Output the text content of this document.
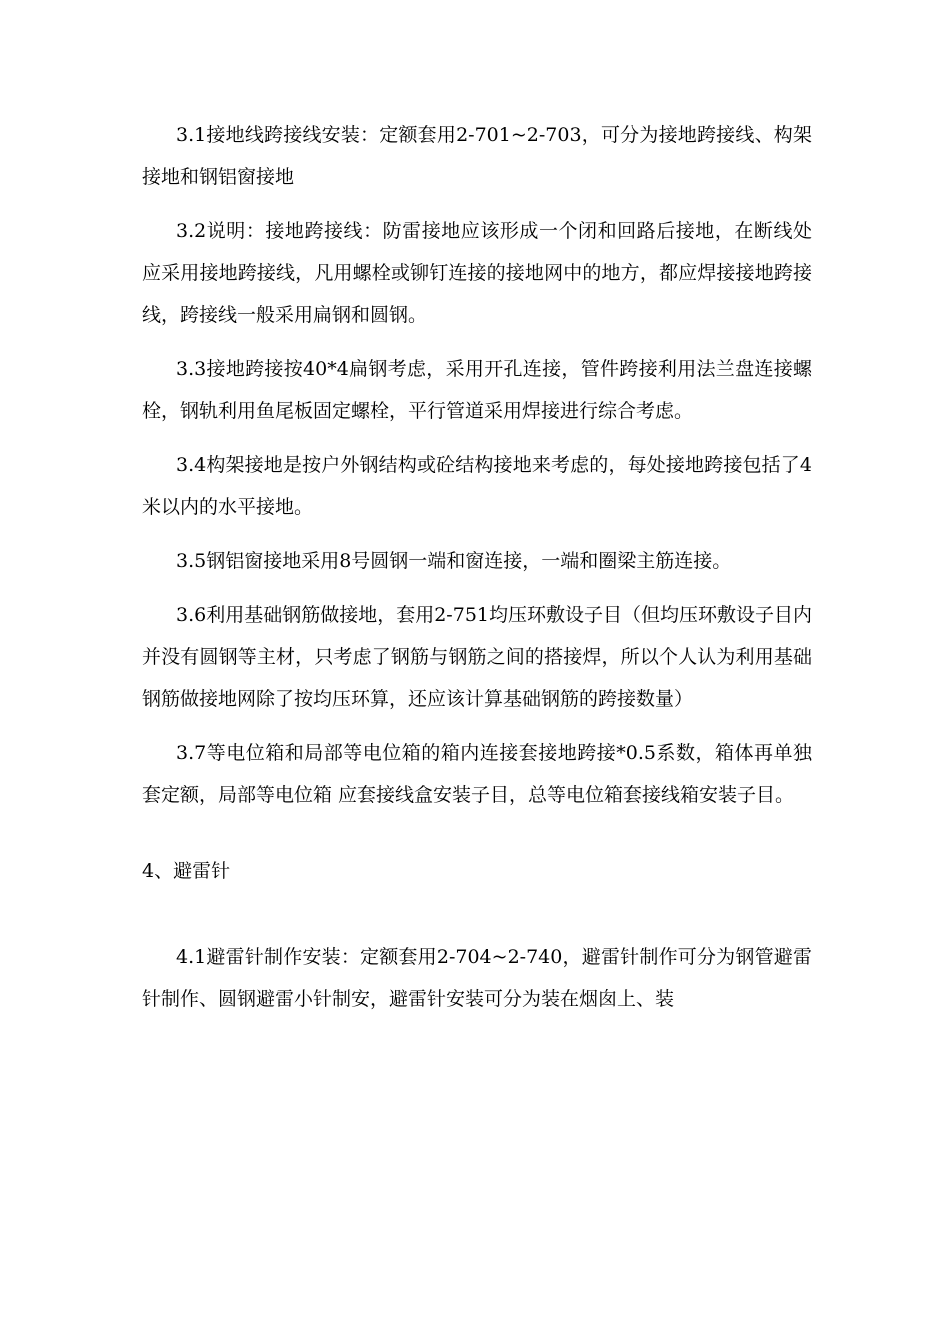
3.1接地线跨接线安装：定额套用2-701~2-703，可分为接地跨接线、构架接地和钢铝窗接地

3.2说明：接地跨接线：防雷接地应该形成一个闭和回路后接地，在断线处应采用接地跨接线，凡用螺栓或铆钉连接的接地网中的地方，都应焊接接地跨接线，跨接线一般采用扁钢和圆钢。

3.3接地跨接按40*4扁钢考虑，采用开孔连接，管件跨接利用法兰盘连接螺栓，钢轨利用鱼尾板固定螺栓，平行管道采用焊接进行综合考虑。

3.4构架接地是按户外钢结构或砼结构接地来考虑的，每处接地跨接包括了4米以内的水平接地。

3.5钢铝窗接地采用8号圆钢一端和窗连接，一端和圈梁主筋连接。

3.6利用基础钢筋做接地，套用2-751均压环敷设子目（但均压环敷设子目内并没有圆钢等主材，只考虑了钢筋与钢筋之间的搭接焊，所以个人认为利用基础钢筋做接地网除了按均压环算，还应该计算基础钢筋的跨接数量）

3.7等电位箱和局部等电位箱的箱内连接套接地跨接*0.5系数，箱体再单独套定额，局部等电位箱 应套接线盒安装子目，总等电位箱套接线箱安装子目。

4、避雷针

4.1避雷针制作安装：定额套用2-704~2-740，避雷针制作可分为钢管避雷针制作、圆钢避雷小针制安，避雷针安装可分为装在烟囱上、装
